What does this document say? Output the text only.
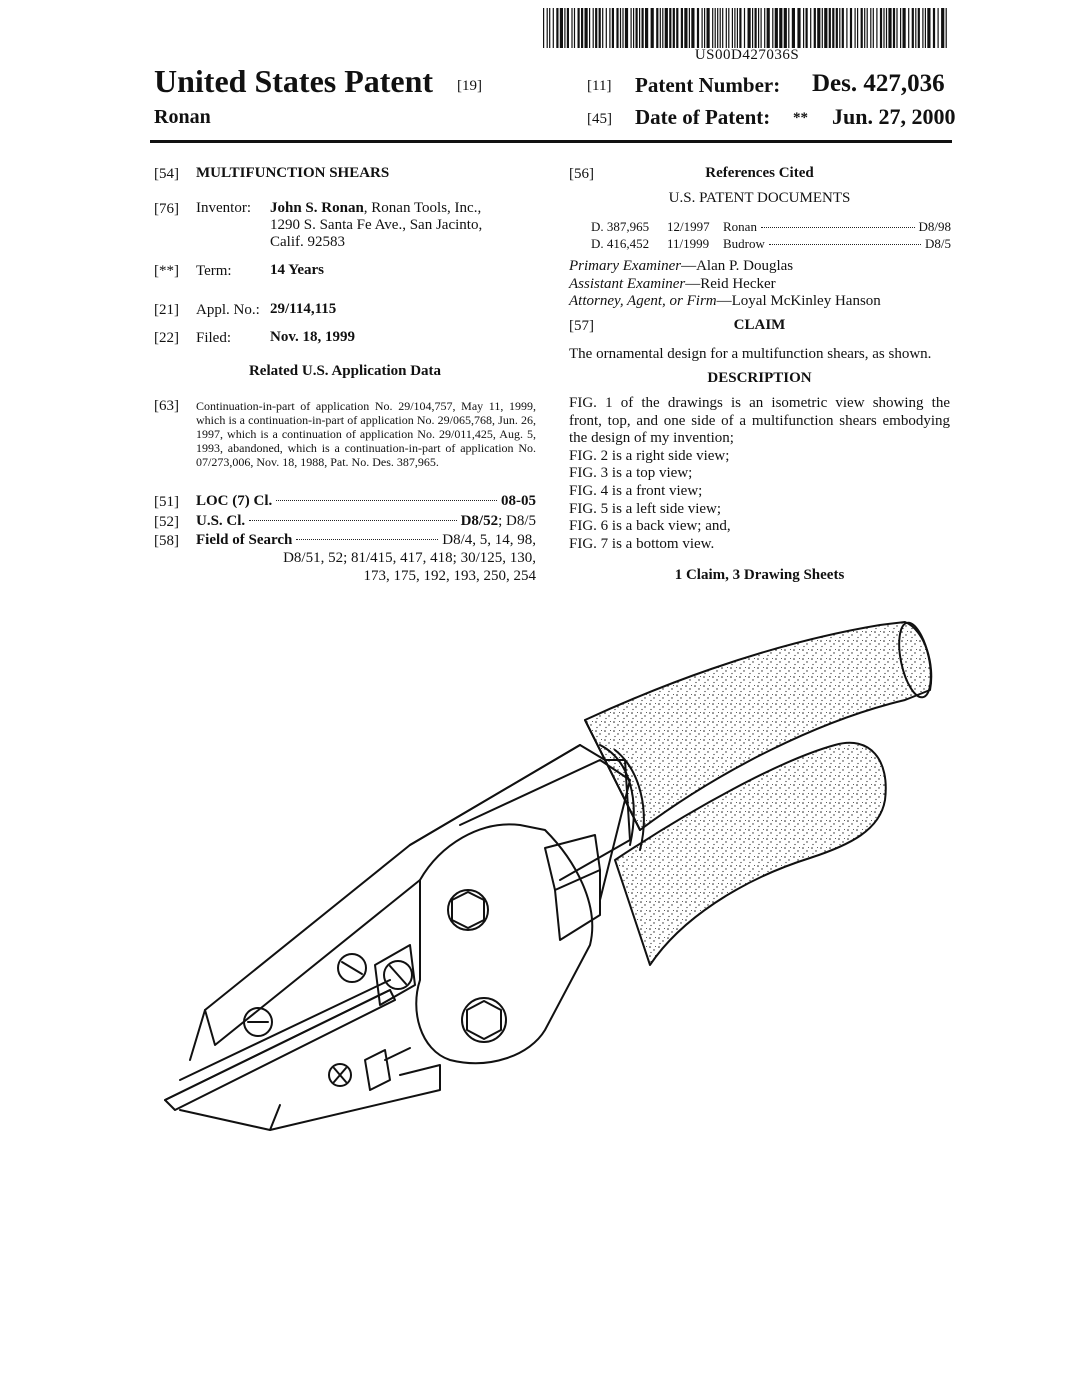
US00D427036S
United States Patent [19]
Ronan
[11] Patent Number: Des. 427,036
[45] Date of Patent: ** Jun. 27, 2000
[54] MULTIFUNCTION SHEARS
[76] Inventor: John S. Ronan, Ronan Tools, Inc.,
1290 S. Santa Fe Ave., San Jacinto,
Calif. 92583
[**] Term:	14 Years
[21] Appl. No.: 29/114,115
[22] Filed:	Nov. 18, 1999
Related U.S. Application Data
[63] Continuation-in-part of application No. 29/104,757, May 11, 1999, which is a continuation-in-part of application No. 29/065,768, Jun. 26, 1997, which is a continuation of application No. 29/011,425, Aug. 5, 1993, abandoned, which is a continuation-in-part of application No. 07/273,006, Nov. 18, 1988, Pat. No. Des. 387,965.
[51] LOC (7) Cl.	08-05
[52] U.S. Cl.	D8/52; D8/5
[58] Field of Search	D8/4, 5, 14, 98,
D8/51, 52; 81/415, 417, 418; 30/125, 130,
173, 175, 192, 193, 250, 254
[56]	References Cited
U.S. PATENT DOCUMENTS
D. 387,965	12/1997	Ronan	D8/98
D. 416,452	11/1999	Budrow	D8/5
Primary Examiner—Alan P. Douglas
Assistant Examiner—Reid Hecker
Attorney, Agent, or Firm—Loyal McKinley Hanson
[57]	CLAIM
The ornamental design for a multifunction shears, as shown.
DESCRIPTION
FIG. 1 of the drawings is an isometric view showing the
front, top, and one side of a multifunction shears embodying
the design of my invention;
FIG. 2 is a right side view;
FIG. 3 is a top view;
FIG. 4 is a front view;
FIG. 5 is a left side view;
FIG. 6 is a back view; and,
FIG. 7 is a bottom view.
1 Claim, 3 Drawing Sheets
